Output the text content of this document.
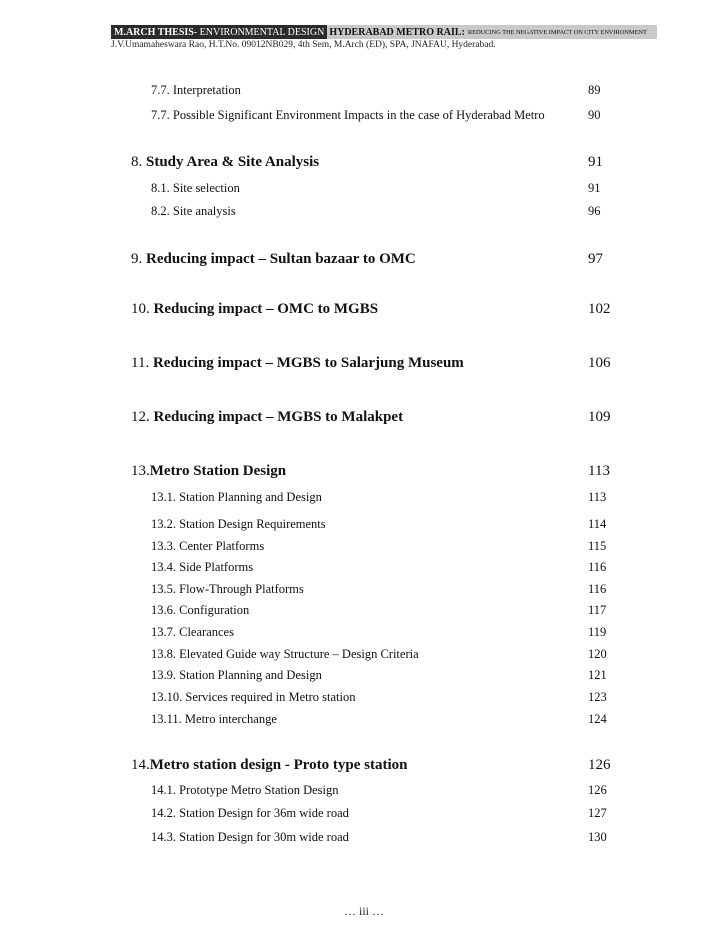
M.ARCH THESIS - ENVIRONMENTAL DESIGN HYDERABAD METRO RAIL: REDUCING THE NEGATIVE IMPACT ON CITY ENVIRONMENT
J.V.Umamaheswara Rao, H.T.No. 09012NB029, 4th Sem, M.Arch (ED), SPA, JNAFAU, Hyderabad.
7.7. Interpretation	89
7.7. Possible Significant Environment Impacts in the case of Hyderabad Metro	90
8. Study Area & Site Analysis	91
8.1. Site selection	91
8.2. Site analysis	96
9. Reducing impact – Sultan bazaar to OMC	97
10. Reducing impact – OMC to MGBS	102
11. Reducing impact – MGBS to Salarjung Museum	106
12. Reducing impact – MGBS to Malakpet	109
13.Metro Station Design	113
13.1. Station Planning and Design	113
13.2. Station Design Requirements	114
13.3. Center Platforms	115
13.4. Side Platforms	116
13.5. Flow-Through Platforms	116
13.6. Configuration	117
13.7. Clearances	119
13.8. Elevated Guide way Structure – Design Criteria	120
13.9. Station Planning and Design	121
13.10. Services required in Metro station	123
13.11. Metro interchange	124
14.Metro station design - Proto type station	126
14.1. Prototype Metro Station Design	126
14.2. Station Design for 36m wide road	127
14.3. Station Design for 30m wide road	130
… iii …
